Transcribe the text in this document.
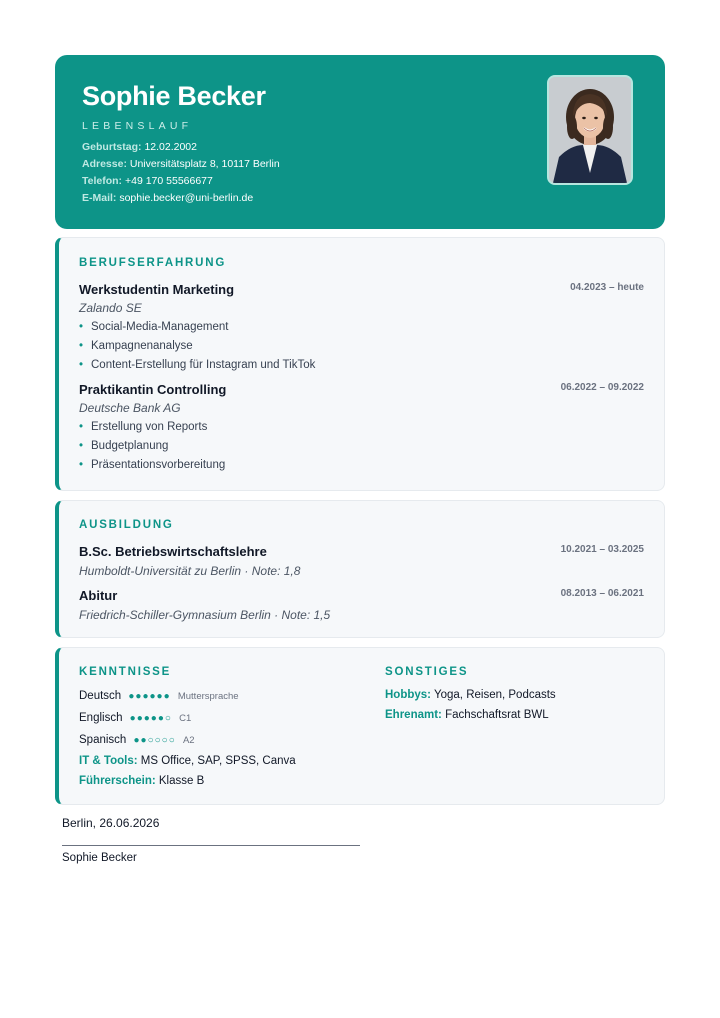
Sophie Becker
LEBENSLAUF
Geburtstag: 12.02.2002
Adresse: Universitätsplatz 8, 10117 Berlin
Telefon: +49 170 55566677
E-Mail: sophie.becker@uni-berlin.de
BERUFSERFAHRUNG
Werkstudentin Marketing	04.2023 – heute
Zalando SE
• Social-Media-Management
• Kampagnenanalyse
• Content-Erstellung für Instagram und TikTok
Praktikantin Controlling	06.2022 – 09.2022
Deutsche Bank AG
• Erstellung von Reports
• Budgetplanung
• Präsentationsvorbereitung
AUSBILDUNG
B.Sc. Betriebswirtschaftslehre	10.2021 – 03.2025
Humboldt-Universität zu Berlin · Note: 1,8
Abitur	08.2013 – 06.2021
Friedrich-Schiller-Gymnasium Berlin · Note: 1,5
KENNTNISSE
Deutsch ●●●●●● Muttersprache
Englisch ●●●●●○ C1
Spanisch ●●○○○○ A2
IT & Tools: MS Office, SAP, SPSS, Canva
Führerschein: Klasse B
SONSTIGES
Hobbys: Yoga, Reisen, Podcasts
Ehrenamt: Fachschaftsrat BWL
Berlin, 26.06.2026
Sophie Becker
